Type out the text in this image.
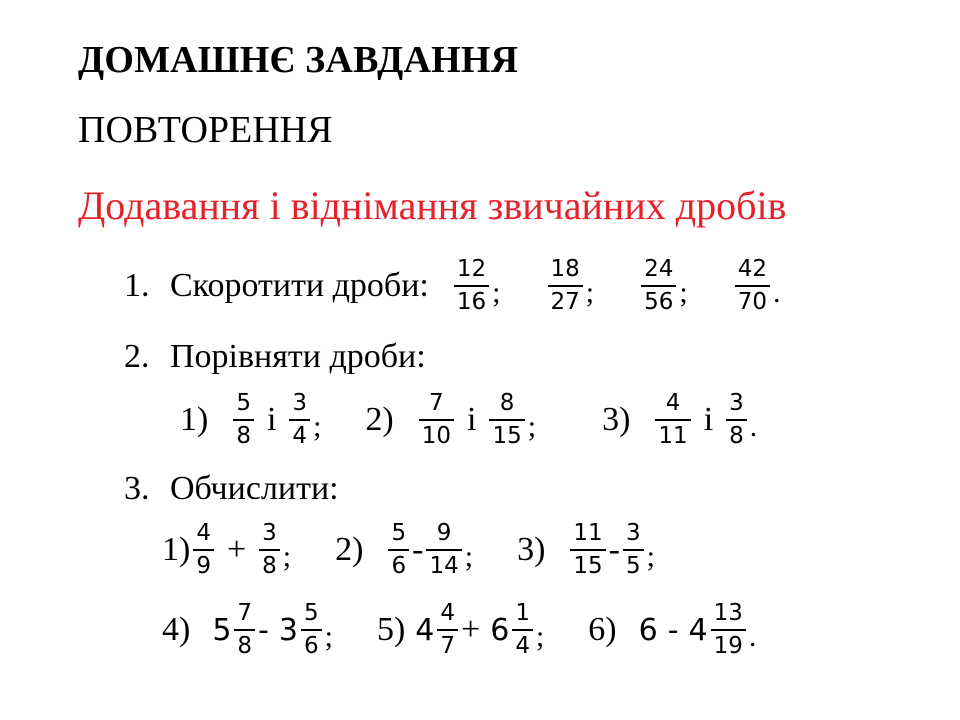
ДОМАШНЄ ЗАВДАННЯ
ПОВТОРЕННЯ
Додавання і віднімання звичайних дробів
1. Скоротити дроби: $\frac{12}{16}$ ; $\frac{18}{27}$ ; $\frac{24}{56}$ ; $\frac{42}{70}$ .
2. Порівняти дроби:
$1) \frac{5}{8}$ і $\frac{3}{4}$ ; $2) \frac{7}{10}$ і $\frac{8}{15}$ ; $3) \frac{4}{11}$ і $\frac{3}{8}$ .
3. Обчислити:
$1) \frac{4}{9} + \frac{3}{8}$ ; $2) \frac{5}{6} - \frac{9}{14}$ ; $3) \frac{11}{15} - \frac{3}{5}$ ;
4) $5 \frac{7}{8} - 3 \frac{5}{6}$ ; 5) $4 \frac{4}{7} + 6 \frac{1}{4}$ ; 6) $6 - 4 \frac{13}{19}$ .
